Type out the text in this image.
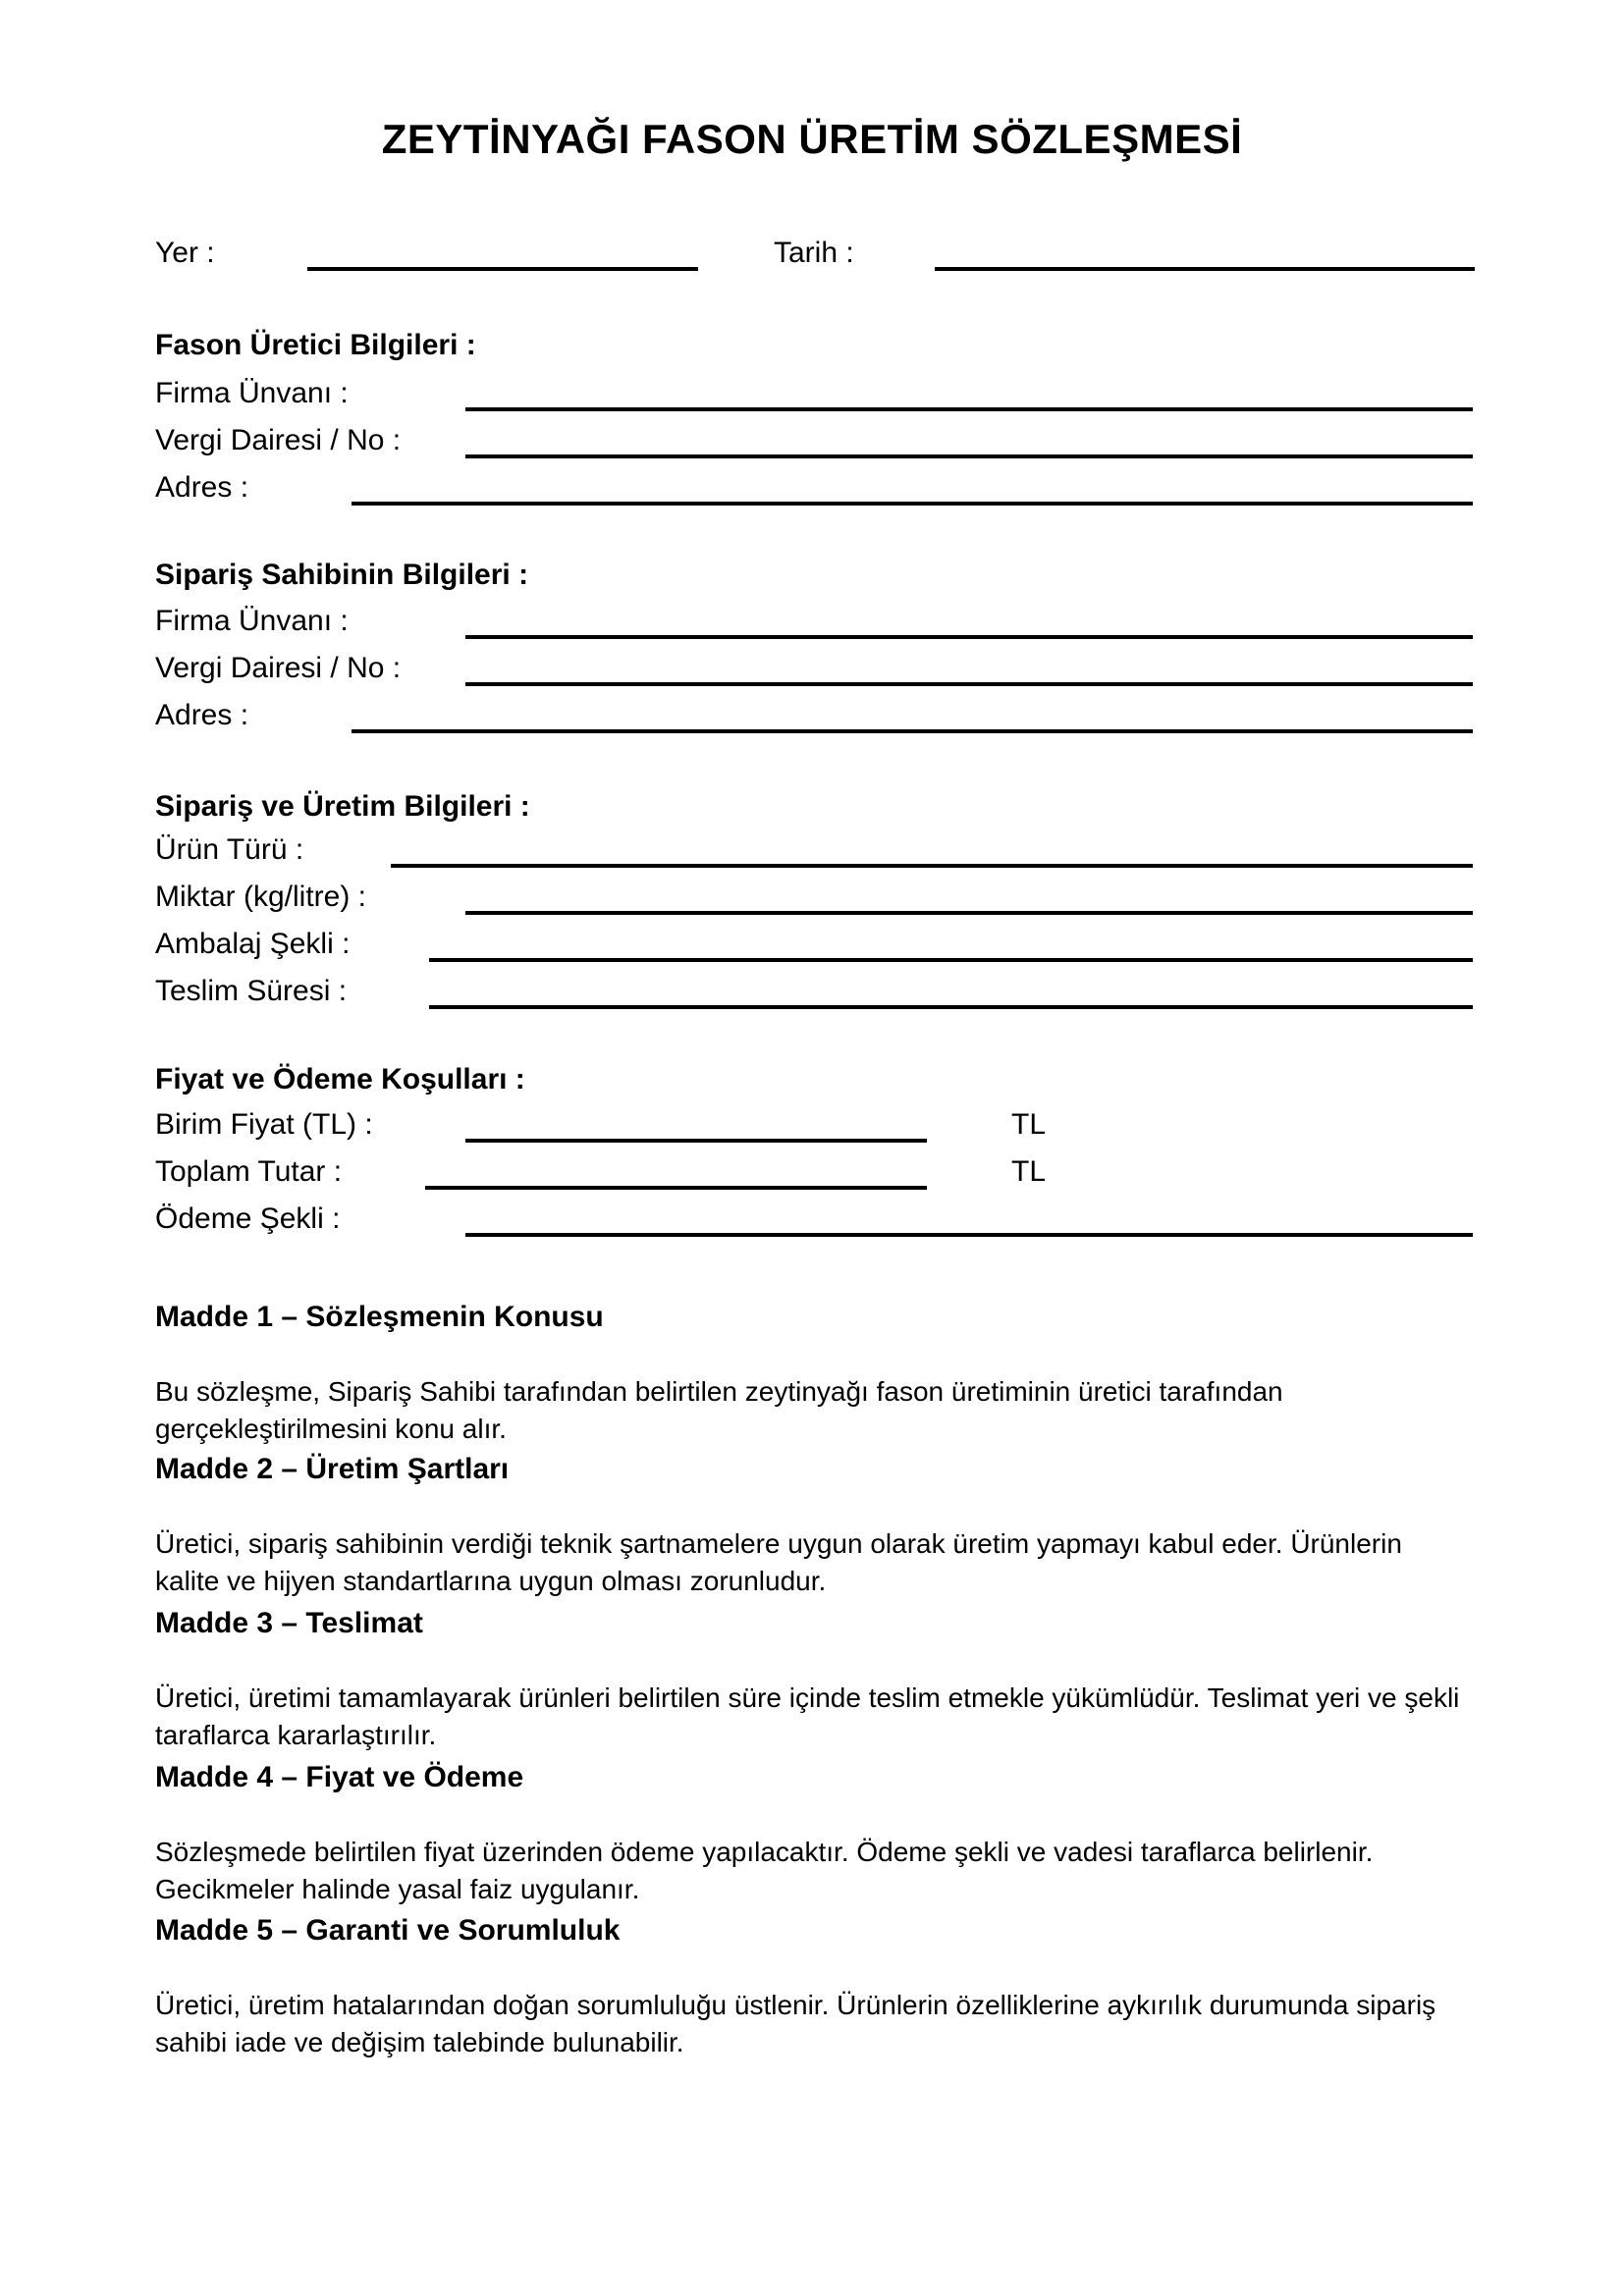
ZEYTİNYAĞI FASON ÜRETİM SÖZLEŞMESİ
Yer :	Tarih :
Fason Üretici Bilgileri :
Firma Ünvanı :
Vergi Dairesi / No :
Adres :
Sipariş Sahibinin Bilgileri :
Firma Ünvanı :
Vergi Dairesi / No :
Adres :
Sipariş ve Üretim Bilgileri :
Ürün Türü :
Miktar (kg/litre) :
Ambalaj Şekli :
Teslim Süresi :
Fiyat ve Ödeme Koşulları :
Birim Fiyat (TL) :	TL
Toplam Tutar :	TL
Ödeme Şekli :
Madde 1 – Sözleşmenin Konusu

Bu sözleşme, Sipariş Sahibi tarafından belirtilen zeytinyağı fason üretiminin üretici tarafından gerçekleştirilmesini konu alır.

Madde 2 – Üretim Şartları

Üretici, sipariş sahibinin verdiği teknik şartnamelere uygun olarak üretim yapmayı kabul eder. Ürünlerin kalite ve hijyen standartlarına uygun olması zorunludur.

Madde 3 – Teslimat

Üretici, üretimi tamamlayarak ürünleri belirtilen süre içinde teslim etmekle yükümlüdür. Teslimat yeri ve şekli taraflarca kararlaştırılır.

Madde 4 – Fiyat ve Ödeme

Sözleşmede belirtilen fiyat üzerinden ödeme yapılacaktır. Ödeme şekli ve vadesi taraflarca belirlenir. Gecikmeler halinde yasal faiz uygulanır.

Madde 5 – Garanti ve Sorumluluk

Üretici, üretim hatalarından doğan sorumluluğu üstlenir. Ürünlerin özelliklerine aykırılık durumunda sipariş sahibi iade ve değişim talebinde bulunabilir.
